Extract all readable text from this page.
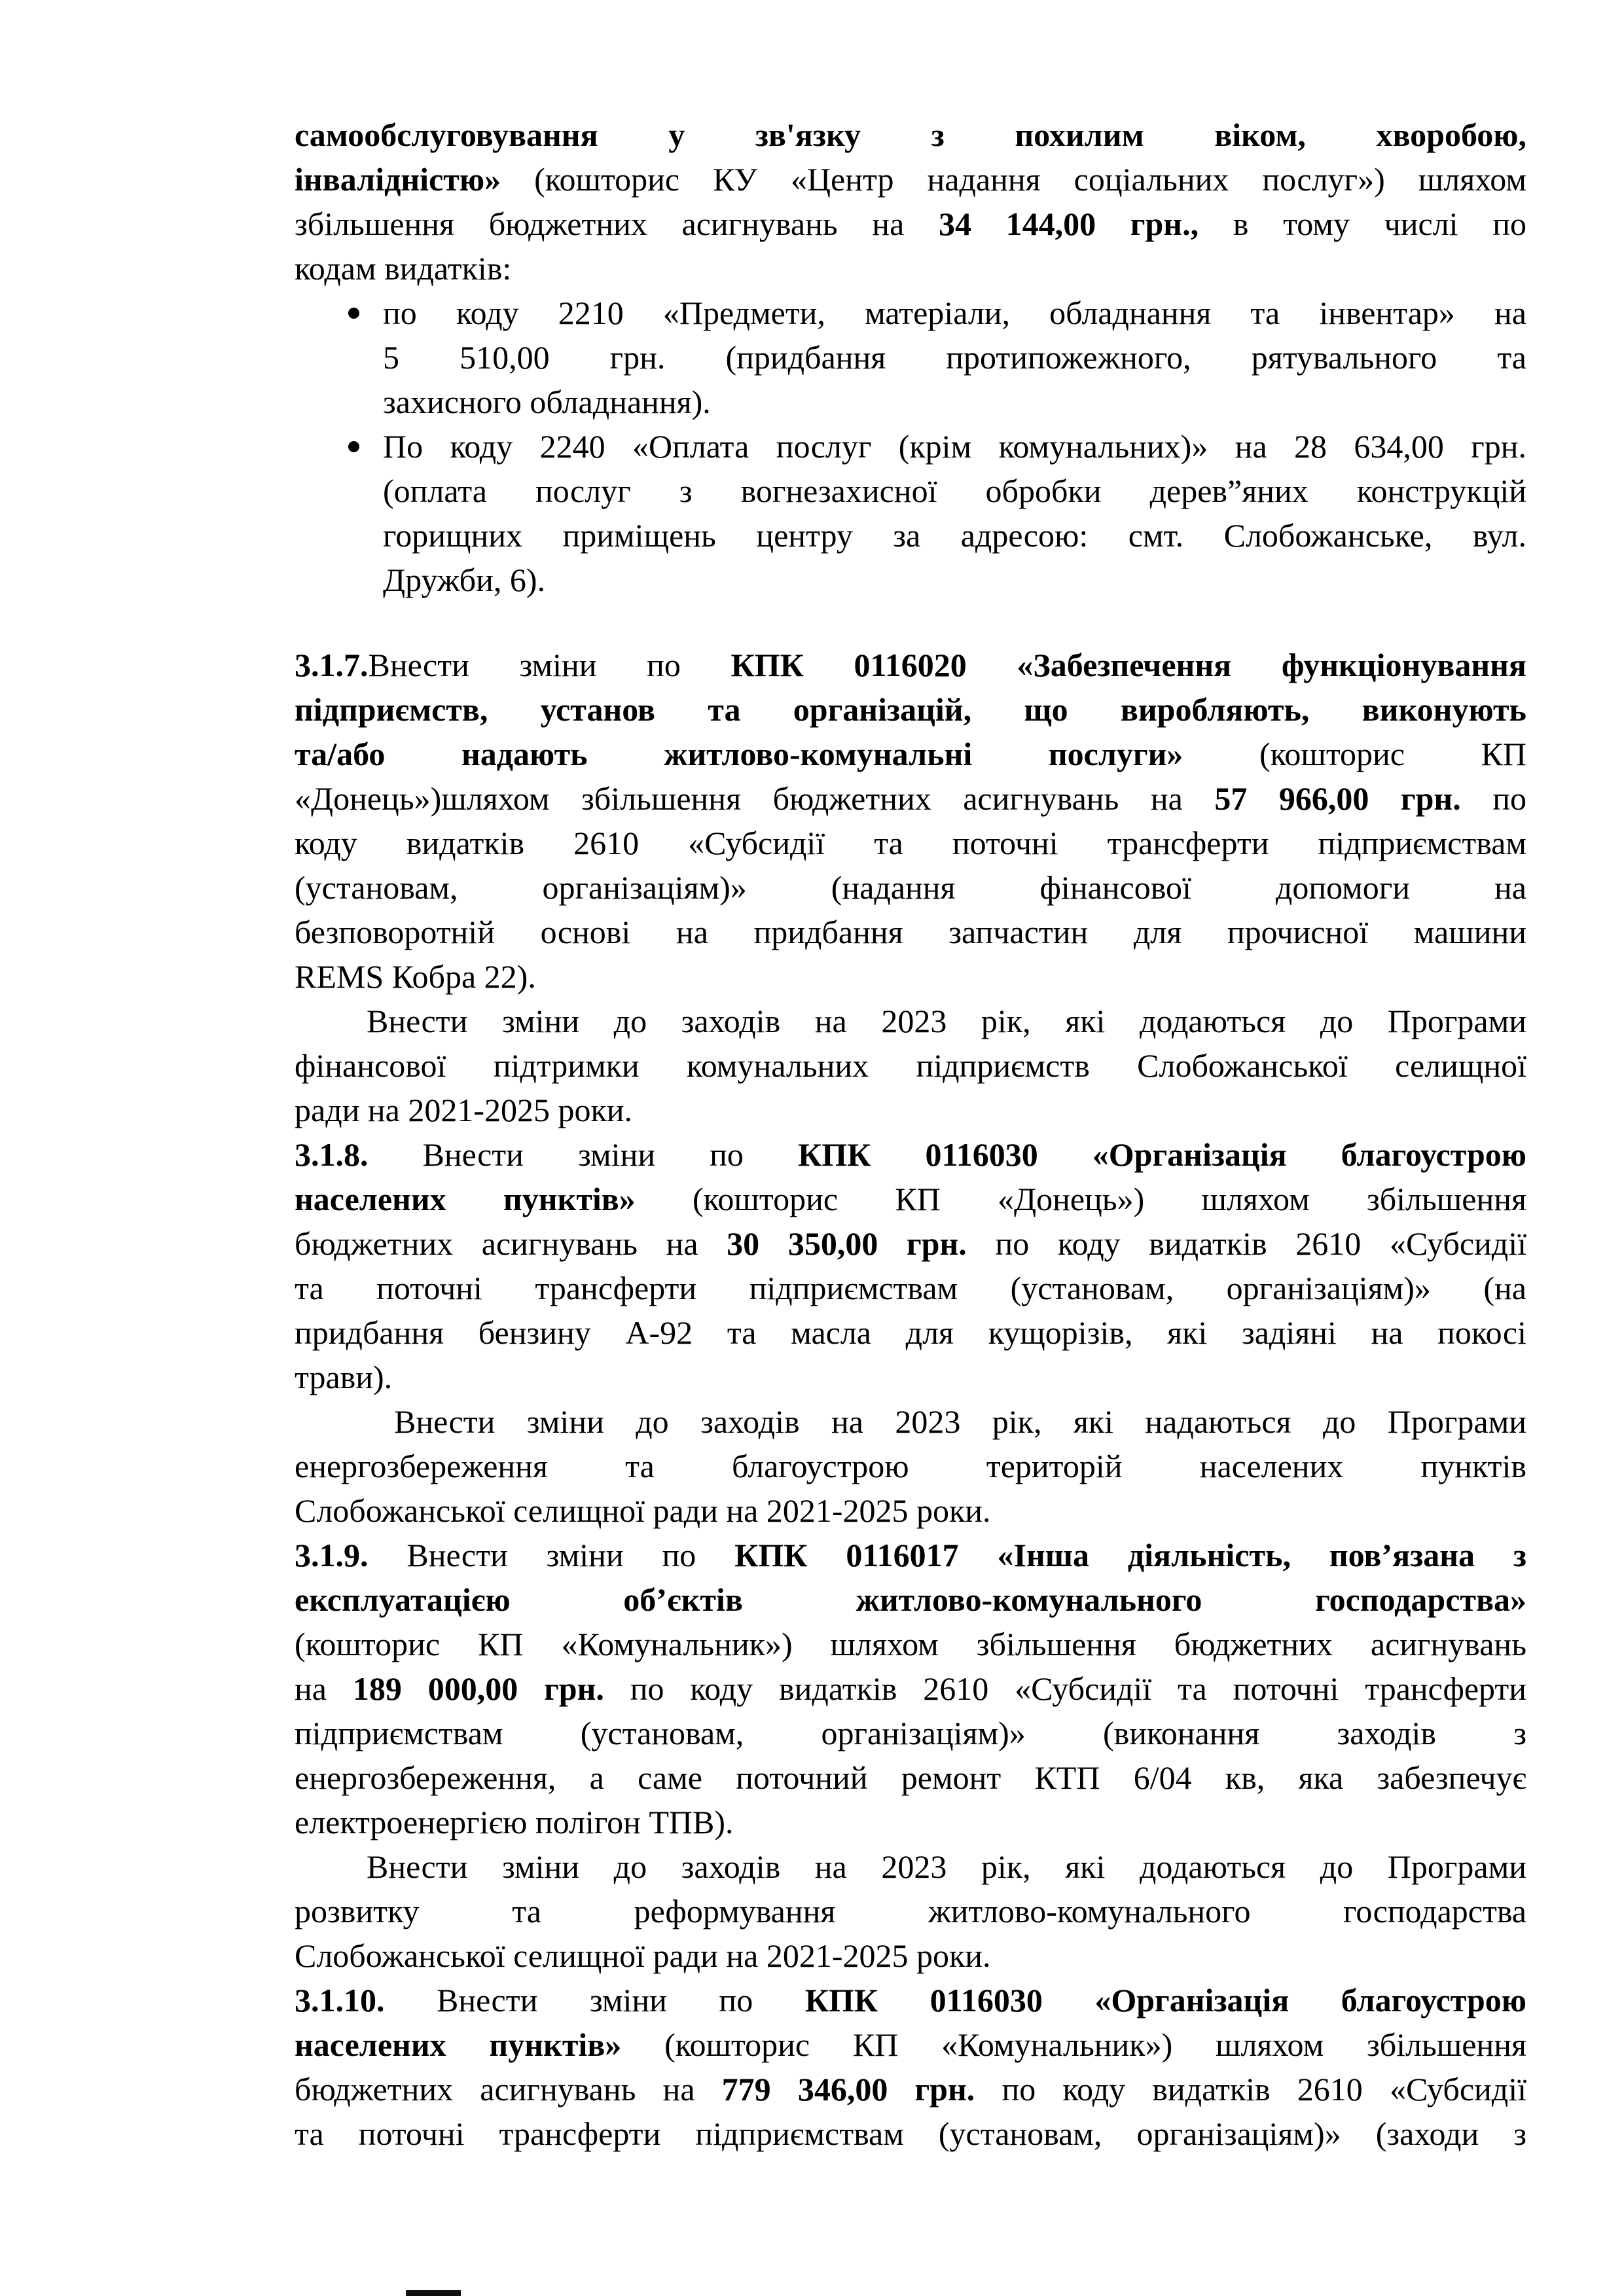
самообслуговування у зв'язку з похилим віком, хворобою,
інвалідністю» (кошторис КУ «Центр надання соціальних послуг») шляхом
збільшення бюджетних асигнувань на 34 144,00 грн., в тому числі по
кодам видатків:
по коду 2210 «Предмети, матеріали, обладнання та інвентар» на
5 510,00 грн. (придбання протипожежного, рятувального та
захисного обладнання).
По коду 2240 «Оплата послуг (крім комунальних)» на 28 634,00 грн.
(оплата послуг з вогнезахисної обробки дерев”яних конструкцій
горищних приміщень центру за адресою: смт. Слобожанське, вул.
Дружби, 6).
3.1.7.Внести зміни по КПК 0116020 «Забезпечення функціонування
підприємств, установ та організацій, що виробляють, виконують
та/або надають житлово-комунальні послуги» (кошторис КП
«Донець»)шляхом збільшення бюджетних асигнувань на 57 966,00 грн. по
коду видатків 2610 «Субсидії та поточні трансферти підприємствам
(установам, організаціям)» (надання фінансової допомоги на
безповоротній основі на придбання запчастин для прочисної машини
REMS Кобра 22).
Внести зміни до заходів на 2023 рік, які додаються до Програми
фінансової підтримки комунальних підприємств Слобожанської селищної
ради на 2021-2025 роки.
3.1.8. Внести зміни по КПК 0116030 «Організація благоустрою
населених пунктів» (кошторис КП «Донець») шляхом збільшення
бюджетних асигнувань на 30 350,00 грн. по коду видатків 2610 «Субсидії
та поточні трансферти підприємствам (установам, організаціям)» (на
придбання бензину А-92 та масла для кущорізів, які задіяні на покосі
трави).
Внести зміни до заходів на 2023 рік, які надаються до Програми
енергозбереження та благоустрою територій населених пунктів
Слобожанської селищної ради на 2021-2025 роки.
3.1.9. Внести зміни по КПК 0116017 «Інша діяльність, пов’язана з
експлуатацією об’єктів житлово-комунального господарства»
(кошторис КП «Комунальник») шляхом збільшення бюджетних асигнувань
на 189 000,00 грн. по коду видатків 2610 «Субсидії та поточні трансферти
підприємствам (установам, організаціям)» (виконання заходів з
енергозбереження, а саме поточний ремонт КТП 6/04 кв, яка забезпечує
електроенергією полігон ТПВ).
Внести зміни до заходів на 2023 рік, які додаються до Програми
розвитку та реформування житлово-комунального господарства
Слобожанської селищної ради на 2021-2025 роки.
3.1.10. Внести зміни по КПК 0116030 «Організація благоустрою
населених пунктів» (кошторис КП «Комунальник») шляхом збільшення
бюджетних асигнувань на 779 346,00 грн. по коду видатків 2610 «Субсидії
та поточні трансферти підприємствам (установам, організаціям)» (заходи з
